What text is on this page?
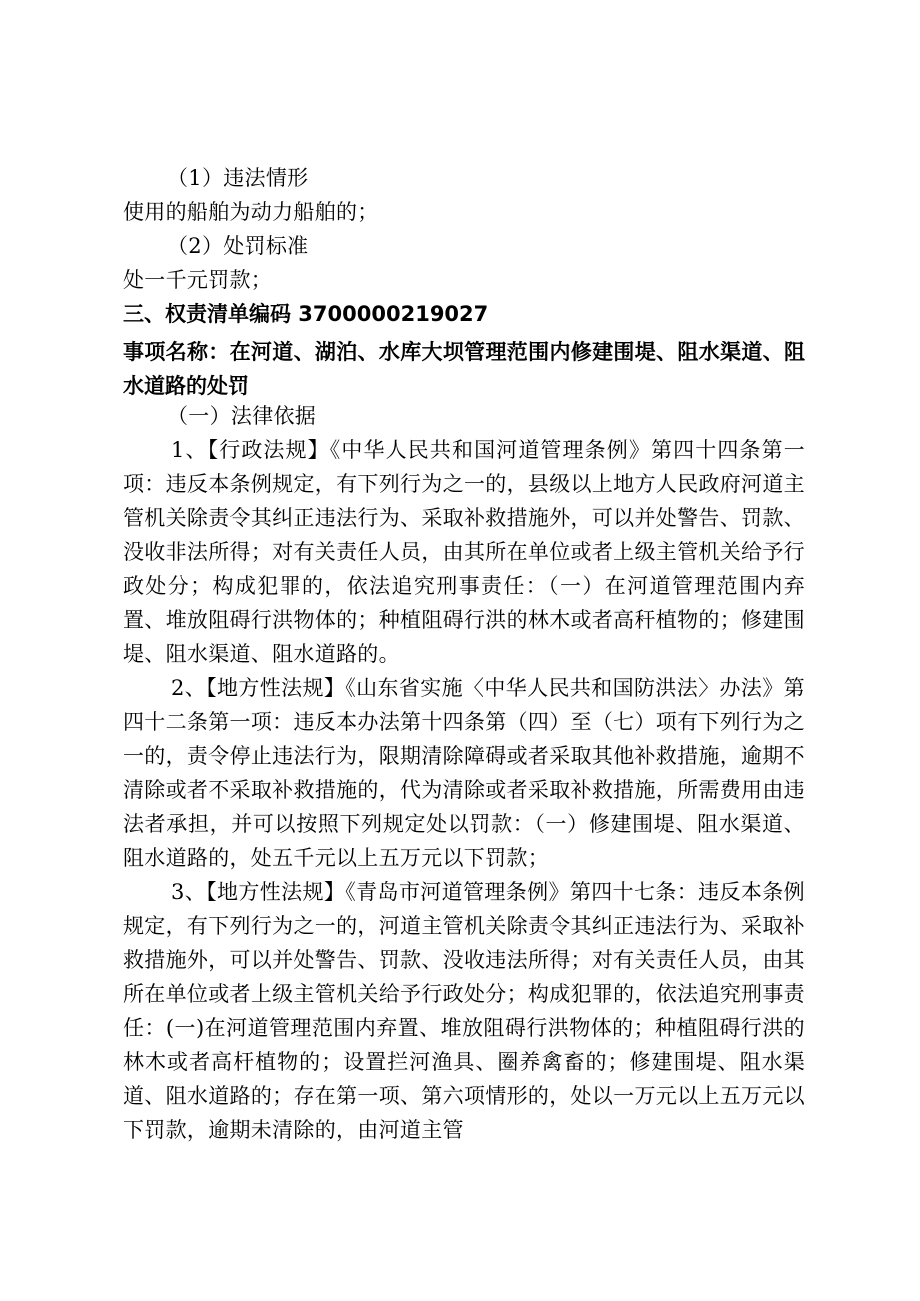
（1）违法情形

使用的船舶为动力船舶的；

（2）处罚标准

处一千元罚款；

三、权责清单编码 3700000219027

事项名称：在河道、湖泊、水库大坝管理范围内修建围堤、阻水渠道、阻水道路的处罚

（一）法律依据

1、【行政法规】《中华人民共和国河道管理条例》第四十四条第一项：违反本条例规定，有下列行为之一的，县级以上地方人民政府河道主管机关除责令其纠正违法行为、采取补救措施外，可以并处警告、罚款、没收非法所得；对有关责任人员，由其所在单位或者上级主管机关给予行政处分；构成犯罪的，依法追究刑事责任：（一）在河道管理范围内弃置、堆放阻碍行洪物体的；种植阻碍行洪的林木或者高秆植物的；修建围堤、阻水渠道、阻水道路的。

2、【地方性法规】《山东省实施〈中华人民共和国防洪法〉办法》第四十二条第一项：违反本办法第十四条第（四）至（七）项有下列行为之一的，责令停止违法行为，限期清除障碍或者采取其他补救措施，逾期不清除或者不采取补救措施的，代为清除或者采取补救措施，所需费用由违法者承担，并可以按照下列规定处以罚款：（一）修建围堤、阻水渠道、阻水道路的，处五千元以上五万元以下罚款；

3、【地方性法规】《青岛市河道管理条例》第四十七条：违反本条例规定，有下列行为之一的，河道主管机关除责令其纠正违法行为、采取补救措施外，可以并处警告、罚款、没收违法所得；对有关责任人员，由其所在单位或者上级主管机关给予行政处分；构成犯罪的，依法追究刑事责任：(一)在河道管理范围内弃置、堆放阻碍行洪物体的；种植阻碍行洪的林木或者高杆植物的；设置拦河渔具、圈养禽畜的；修建围堤、阻水渠道、阻水道路的；存在第一项、第六项情形的，处以一万元以上五万元以下罚款，逾期未清除的，由河道主管
